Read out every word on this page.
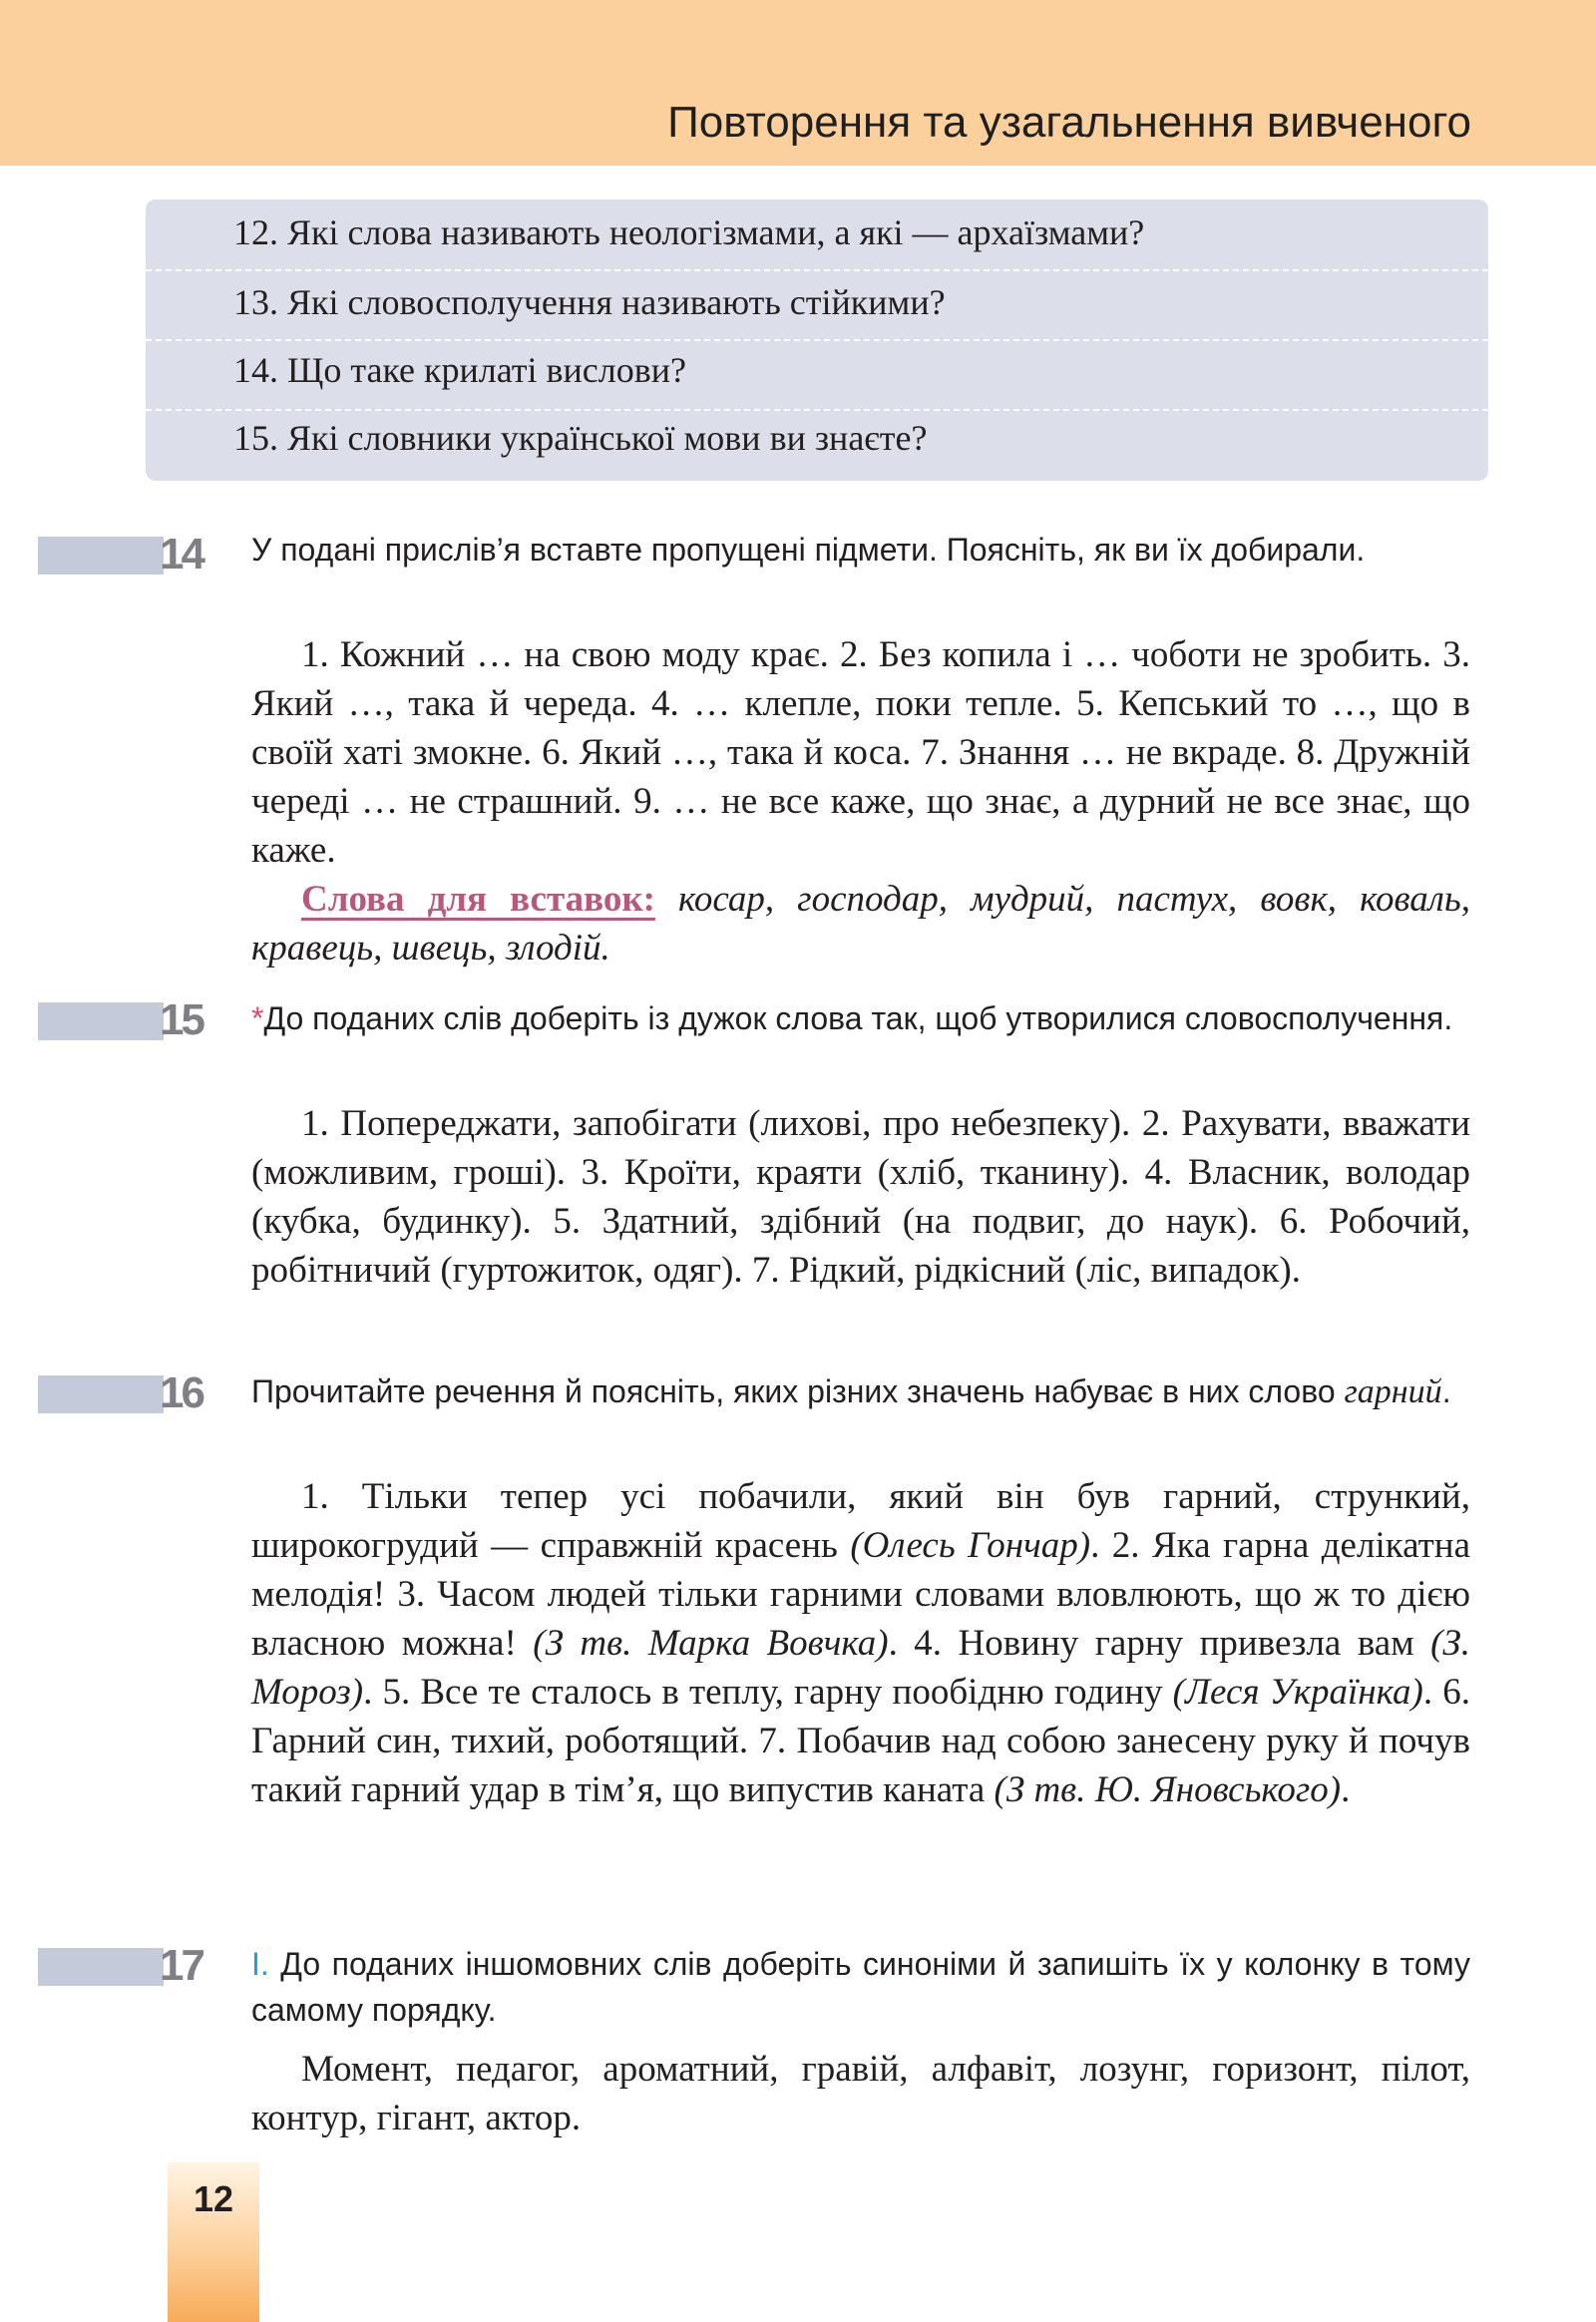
Повторення та узагальнення вивченого
12. Які слова називають неологізмами, а які — архаїзмами?
13. Які словосполучення називають стійкими?
14. Що таке крилаті вислови?
15. Які словники української мови ви знаєте?
14	У подані прислів’я вставте пропущені підмети. Поясніть, як ви їх добирали.
1. Кожний … на свою моду крає. 2. Без копила і … чоботи не зробить. 3. Який …, така й череда. 4. … клепле, поки тепле. 5. Кепський то …, що в своїй хаті змокне. 6. Який …, така й коса. 7. Знання … не вкраде. 8. Дружній череді … не страшний. 9. … не все каже, що знає, а дурний не все знає, що каже.
Слова для вставок: косар, господар, мудрий, пастух, вовк, коваль, кравець, швець, злодій.
15	*До поданих слів доберіть із дужок слова так, щоб утворилися словосполучення.
1. Попереджати, запобігати (лихові, про небезпеку). 2. Рахувати, вважати (можливим, гроші). 3. Кроїти, краяти (хліб, тканину). 4. Власник, володар (кубка, будинку). 5. Здатний, здібний (на подвиг, до наук). 6. Робочий, робітничий (гуртожиток, одяг). 7. Рідкий, рідкісний (ліс, випадок).
16	Прочитайте речення й поясніть, яких різних значень набуває в них слово гарний.
1. Тільки тепер усі побачили, який він був гарний, стрункий, широкогрудий — справжній красень (Олесь Гончар). 2. Яка гарна делікатна мелодія! 3. Часом людей тільки гарними словами вловлюють, що ж то дією власною можна! (З тв. Марка Вовчка). 4. Новину гарну привезла вам (З. Мороз). 5. Все те сталось в теплу, гарну пообідню годину (Леся Українка). 6. Гарний син, тихий, роботящий. 7. Побачив над собою занесену руку й почув такий гарний удар в тім’я, що випустив каната (З тв. Ю. Яновського).
17	І. До поданих іншомовних слів доберіть синоніми й запишіть їх у колонку в тому самому порядку.
Момент, педагог, ароматний, гравій, алфавіт, лозунг, горизонт, пілот, контур, гігант, актор.
12
